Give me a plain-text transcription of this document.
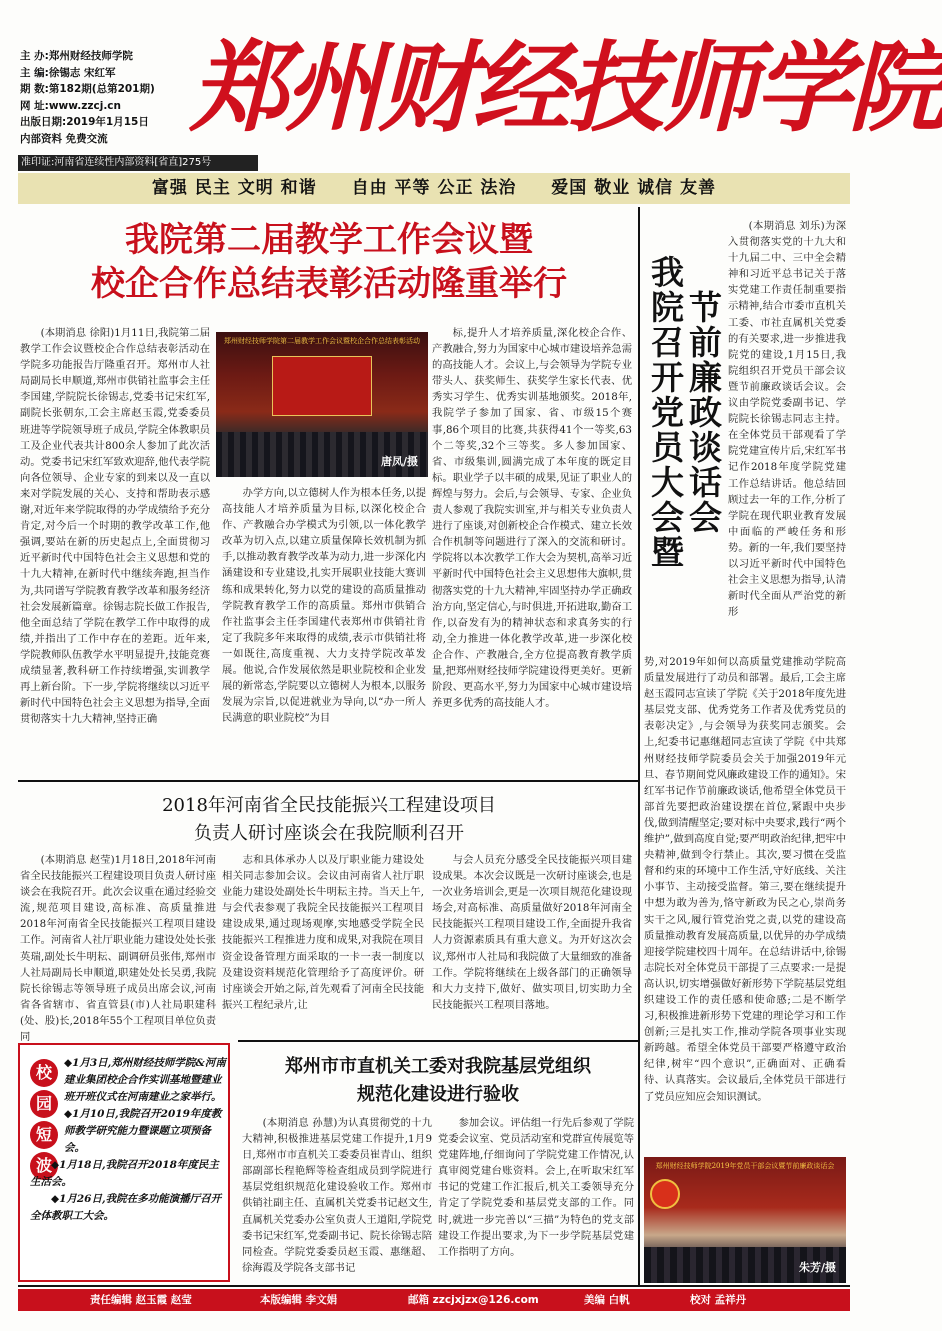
主 办:郑州财经技师学院
主 编:徐锡志 宋红军
期 数:第182期(总第201期)
网 址:www.zzcj.cn
出版日期:2019年1月15日
内部资料 免费交流
准印证:河南省连续性内部资料[省直]275号
郑州财经技师学院
富强 民主 文明 和谐 自由 平等 公正 法治 爱国 敬业 诚信 友善
我院第二届教学工作会议暨
校企合作总结表彰活动隆重举行

(本期消息 徐阳)1月11日,我院第二届教学工作会议暨校企合作总结表彰活动在学院多功能报告厅隆重召开。郑州市人社局副局长申顺道,郑州市供销社监事会主任李国建,学院院长徐锡志,党委书记宋红军,副院长张朝东,工会主席赵玉霞,党委委员班进等学院领导班子成员,学院全体教职员工及企业代表共计800余人参加了此次活动。党委书记宋红军致欢迎辞,他代表学院向各位领导、企业专家的到来以及一直以来对学院发展的关心、支持和帮助表示感谢,对近年来学院取得的办学成绩给予充分肯定,对今后一个时期的教学改革工作,他强调,要站在新的历史起点上,全面贯彻习近平新时代中国特色社会主义思想和党的十九大精神,在新时代中继续奔跑,担当作为,共同谱写学院教育教学改革和服务经济社会发展新篇章。徐锡志院长做工作报告,他全面总结了学院在教学工作中取得的成绩,并指出了工作中存在的差距。近年来,学院教师队伍教学水平明显提升,技能竞赛成绩显著,教科研工作持续增强,实训教学再上新台阶。下一步,学院将继续以习近平新时代中国特色社会主义思想为指导,全面贯彻落实十九大精神,坚持正确

郑州财经技师学院第二届教学工作会议暨校企合作总结表彰活动
唐凤/摄

办学方向,以立德树人作为根本任务,以提高技能人才培养质量为目标,以深化校企合作、产教融合办学模式为引领,以一体化教学改革为切入点,以建立质量保障长效机制为抓手,以推动教育教学改革为动力,进一步深化内涵建设和专业建设,扎实开展职业技能大赛训练和成果转化,努力以党的建设的高质量推动学院教育教学工作的高质量。郑州市供销合作社监事会主任李国建代表郑州市供销社肯定了我院多年来取得的成绩,表示市供销社将一如既往,高度重视、大力支持学院改革发展。他说,合作发展依然是职业院校和企业发展的新常态,学院要以立德树人为根本,以服务发展为宗旨,以促进就业为导向,以“办一所人民满意的职业院校”为目

标,提升人才培养质量,深化校企合作、产教融合,努力为国家中心城市建设培养急需的高技能人才。会议上,与会领导为学院专业带头人、获奖师生、获奖学生家长代表、优秀实习学生、优秀实训基地颁奖。2018年,我院学子参加了国家、省、市级15个赛事,86个项目的比赛,共获得41个一等奖,63个二等奖,32个三等奖。多人参加国家、省、市级集训,圆满完成了本年度的既定目标。职业学子以丰硕的成果,见证了职业人的辉煌与努力。会后,与会领导、专家、企业负责人参观了我院实训室,并与相关专业负责人进行了座谈,对创新校企合作模式、建立长效合作机制等问题进行了深入的交流和研讨。学院将以本次教学工作大会为契机,高举习近平新时代中国特色社会主义思想伟大旗帜,贯彻落实党的十九大精神,牢固坚持办学正确政治方向,坚定信心,与时俱进,开拓进取,勤奋工作,以奋发有为的精神状态和求真务实的行动,全力推进一体化教学改革,进一步深化校企合作、产教融合,全方位提高教育教学质量,把郑州财经技师学院建设得更美好。更新阶段、更高水平,努力为国家中心城市建设培养更多优秀的高技能人才。

2018年河南省全民技能振兴工程建设项目
负责人研讨座谈会在我院顺利召开

(本期消息 赵莹)1月18日,2018年河南省全民技能振兴工程建设项目负责人研讨座谈会在我院召开。此次会议重在通过经验交流,规范项目建设,高标准、高质量推进2018年河南省全民技能振兴工程项目建设工作。河南省人社厅职业能力建设处处长张英瑞,副处长牛明耘、副调研员张伟,郑州市人社局副局长申顺道,职建处处长吴勇,我院院长徐锡志等领导班子成员出席会议,河南省各省辖市、省直管县(市)人社局职建科(处、股)长,2018年55个工程项目单位负责同

志和具体承办人以及厅职业能力建设处相关同志参加会议。会议由河南省人社厅职业能力建设处副处长牛明耘主持。当天上午,与会代表参观了我院全民技能振兴工程项目建设成果,通过现场观摩,实地感受学院全民技能振兴工程推进力度和成果,对我院在项目资金设备管理方面采取的一卡一表一制度以及建设资料规范化管理给予了高度评价。研讨座谈会开始之际,首先观看了河南全民技能振兴工程纪录片,让

与会人员充分感受全民技能振兴项目建设成果。本次会议既是一次研讨座谈会,也是一次业务培训会,更是一次项目规范化建设现场会,对高标准、高质量做好2018年河南全民技能振兴工程项目建设工作,全面提升我省人力资源素质具有重大意义。为开好这次会议,郑州市人社局和我院做了大量细致的准备工作。学院将继续在上级各部门的正确领导和大力支持下,做好、做实项目,切实助力全民技能振兴工程项目落地。

校
园
短
波

◆1月3日,郑州财经技师学院&河南建业集团校企合作实训基地暨建业班开班仪式在河南建业之家举行。

◆1月10日,我院召开2019年度教师教学研究能力暨课题立项预备会。

◆1月18日,我院召开2018年度民主生活会。

◆1月26日,我院在多功能演播厅召开全体教职工大会。

郑州市市直机关工委对我院基层党组织
规范化建设进行验收

(本期消息 孙慧)为认真贯彻党的十九大精神,积极推进基层党建工作提升,1月9日,郑州市市直机关工委委员崔青山、组织部副部长程艳辉等检查组成员到学院进行基层党组织规范化建设验收工作。郑州市供销社副主任、直属机关党委书记赵文生,直属机关党委办公室负责人王道阳,学院党委书记宋红军,党委副书记、院长徐锡志陪同检查。学院党委委员赵玉霞、惠继超、徐海霞及学院各支部书记

参加会议。评估组一行先后参观了学院党委会议室、党员活动室和党群宣传展览等党建阵地,仔细询问了学院党建工作情况,认真审阅党建台账资料。会上,在听取宋红军书记的党建工作汇报后,机关工委领导充分肯定了学院党委和基层党支部的工作。同时,就进一步完善以“三描”为特色的党支部建设工作提出要求,为下一步学院基层党建工作指明了方向。

我院召开党员大会暨 节前廉政谈话会

(本期消息 刘乐)为深入贯彻落实党的十九大和十九届二中、三中全会精神和习近平总书记关于落实党建工作责任制重要指示精神,结合市委市直机关工委、市社直属机关党委的有关要求,进一步推进我院党的建设,1月15日,我院组织召开党员干部会议暨节前廉政谈话会议。会议由学院党委副书记、学院院长徐锡志同志主持。在全体党员干部观看了学院党建宣传片后,宋红军书记作2018年度学院党建工作总结讲话。他总结回顾过去一年的工作,分析了学院在现代职业教育发展中面临的严峻任务和形势。新的一年,我们要坚持以习近平新时代中国特色社会主义思想为指导,认清新时代全面从严治党的新形

势,对2019年如何以高质量党建推动学院高质量发展进行了动员和部署。最后,工会主席赵玉霞同志宣读了学院《关于2018年度先进基层党支部、优秀党务工作者及优秀党员的表彰决定》,与会领导为获奖同志颁奖。会上,纪委书记惠继超同志宣读了学院《中共郑州财经技师学院委员会关于加强2019年元旦、春节期间党风廉政建设工作的通知》。宋红军书记作节前廉政谈话,他希望全体党员干部首先要把政治建设摆在首位,紧跟中央步伐,做到清醒坚定;要对标中央要求,践行“两个维护”,做到高度自觉;要严明政治纪律,把牢中央精神,做到令行禁止。其次,要习惯在受监督和约束的环境中工作生活,守好底线、关注小事节、主动接受监督。第三,要在继续提升中想为敢为善为,恪守新政为民之心,崇尚务实干之风,履行管党治党之责,以党的建设高质量推动教育发展高质量,以优异的办学成绩迎接学院建校四十周年。在总结讲话中,徐锡志院长对全体党员干部提了三点要求:一是提高认识,切实增强做好新形势下学院基层党组织建设工作的责任感和使命感;二是不断学习,积极推进新形势下党建的理论学习和工作创新;三是扎实工作,推动学院各项事业实现新跨越。希望全体党员干部要严格遵守政治纪律,树牢“四个意识”,正确面对、正确看待、认真落实。会议最后,全体党员干部进行了党员应知应会知识测试。

郑州财经技师学院2019年党员干部会议暨节前廉政谈话会
朱芳/摄
责任编辑 赵玉霞 赵莹	本版编辑 李文娟	邮箱 zzcjxjzx@126.com	美编 白帆	校对 孟祥丹
